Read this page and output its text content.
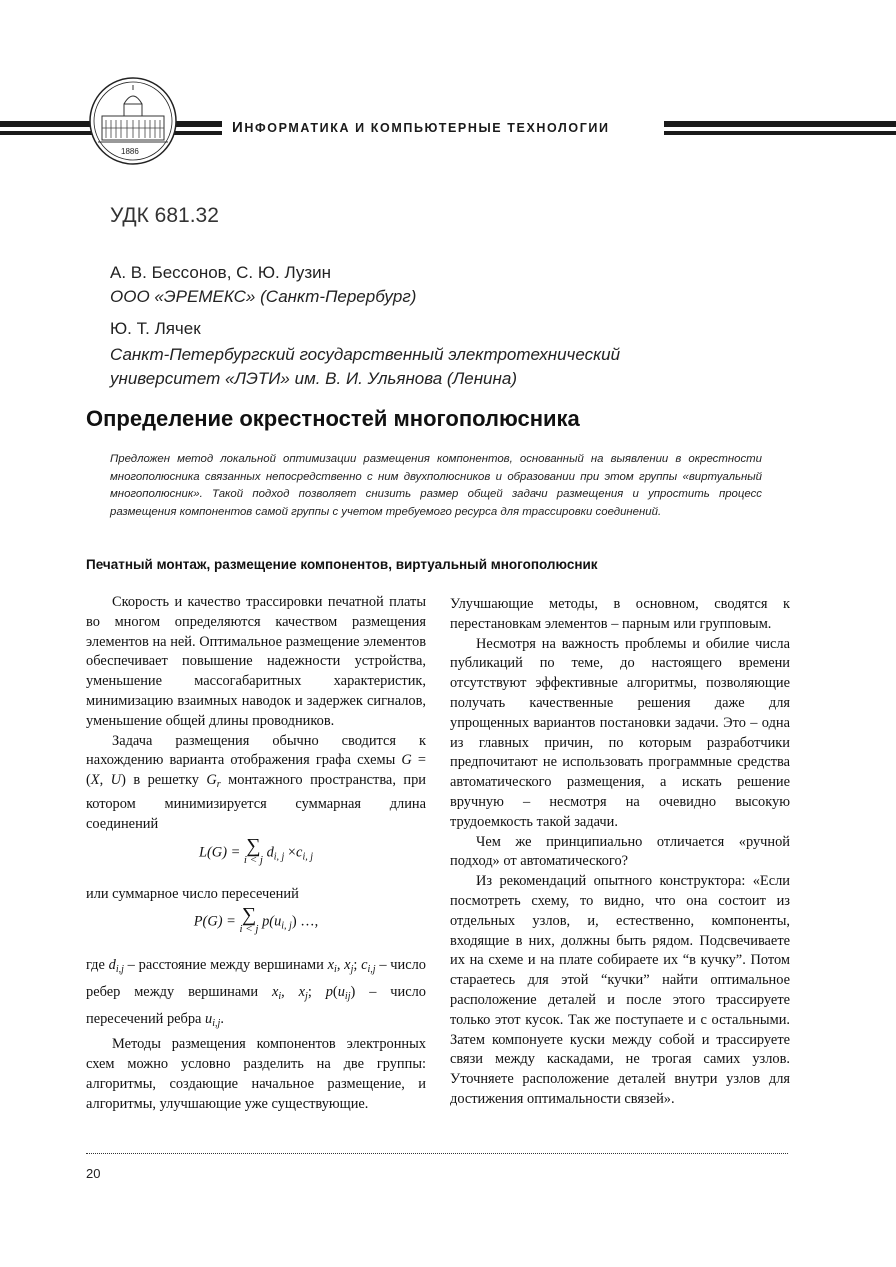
1886
ИНФОРМАТИКА И КОМПЬЮТЕРНЫЕ ТЕХНОЛОГИИ
УДК 681.32
А. В. Бессонов, С. Ю. Лузин
ООО «ЭРЕМЕКС» (Санкт-Перербург)
Ю. Т. Лячек
Санкт-Петербургский государственный электротехнический университет «ЛЭТИ» им. В. И. Ульянова (Ленина)
Определение окрестностей многополюсника
Предложен метод локальной оптимизации размещения компонентов, основанный на выявлении в окрестности многополюсника связанных непосредственно с ним двухполюсников и образовании при этом группы «виртуальный многополюсник». Такой подход позволяет снизить размер общей задачи размещения и упростить процесс размещения компонентов самой группы с учетом требуемого ресурса для трассировки соединений.
Печатный монтаж, размещение компонентов, виртуальный многополюсник

Скорость и качество трассировки печатной платы во многом определяются качеством размещения элементов на ней. Оптимальное размещение элементов обеспечивает повышение надежности устройства, уменьшение массогабаритных характеристик, минимизацию взаимных наводок и задержек сигналов, уменьшение общей длины проводников.

Задача размещения обычно сводится к нахождению варианта отображения графа схемы G = (X, U) в решетку $G_r$ монтажного пространства, при котором минимизируется суммарная длина соединений

L(G) = ∑
i < j $d_{i, j} \times c_{i, j}$

или суммарное число пересечений

P(G) = ∑
i < j $p(u_{i, j})$ …,

где $d_{i,j}$ – расстояние между вершинами $x_i$, $x_j$; $c_{i,j}$ – число ребер между вершинами $x_i$, $x_j$; $p(u_{ij})$ – число пересечений ребра $u_{i,j}$.

Методы размещения компонентов электронных схем можно условно разделить на две группы: алгоритмы, создающие начальное размещение, и алгоритмы, улучшающие уже существующие.

Улучшающие методы, в основном, сводятся к перестановкам элементов – парным или групповым.

Несмотря на важность проблемы и обилие числа публикаций по теме, до настоящего времени отсутствуют эффективные алгоритмы, позволяющие получать качественные решения даже для упрощенных вариантов постановки задачи. Это – одна из главных причин, по которым разработчики предпочитают не использовать программные средства автоматического размещения, а искать решение вручную – несмотря на очевидно высокую трудоемкость такой задачи.

Чем же принципиально отличается «ручной подход» от автоматического?

Из рекомендаций опытного конструктора: «Если посмотреть схему, то видно, что она состоит из отдельных узлов, и, естественно, компоненты, входящие в них, должны быть рядом. Подсвечиваете их на схеме и на плате собираете их “в кучку”. Потом стараетесь для этой “кучки” найти оптимальное расположение деталей и после этого трассируете только этот кусок. Так же поступаете и с остальными. Затем компонуете куски между собой и трассируете связи между каскадами, не трогая самих узлов. Уточняете расположение деталей внутри узлов для достижения оптимальности связей».

20
